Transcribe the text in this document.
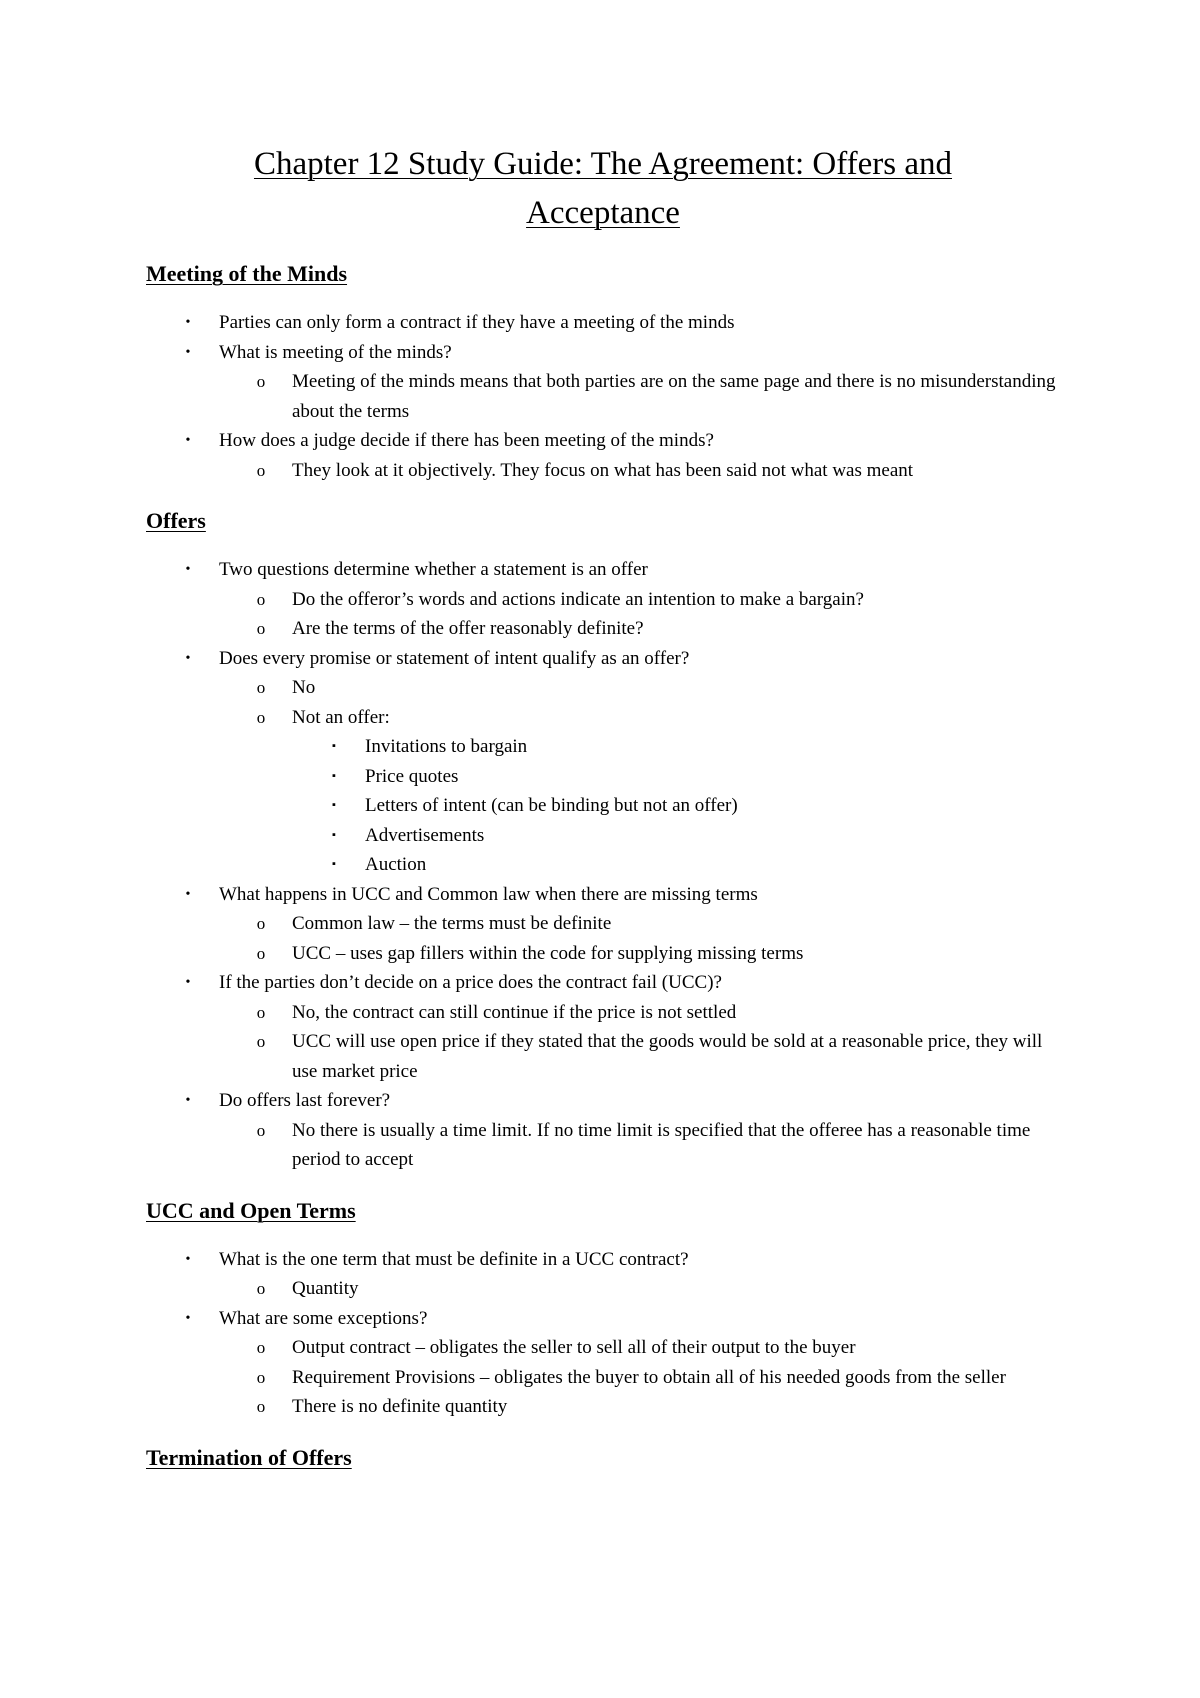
Chapter 12 Study Guide: The Agreement: Offers and Acceptance
Meeting of the Minds
•	Parties can only form a contract if they have a meeting of the minds
•	What is meeting of the minds?
o	Meeting of the minds means that both parties are on the same page and there is no misunderstanding about the terms
•	How does a judge decide if there has been meeting of the minds?
o	They look at it objectively. They focus on what has been said not what was meant
Offers
•	Two questions determine whether a statement is an offer
o	Do the offeror’s words and actions indicate an intention to make a bargain?
o	Are the terms of the offer reasonably definite?
•	Does every promise or statement of intent qualify as an offer?
o	No
o	Not an offer:
▪	Invitations to bargain
▪	Price quotes
▪	Letters of intent (can be binding but not an offer)
▪	Advertisements
▪	Auction
•	What happens in UCC and Common law when there are missing terms
o	Common law – the terms must be definite
o	UCC – uses gap fillers within the code for supplying missing terms
•	If the parties don’t decide on a price does the contract fail (UCC)?
o	No, the contract can still continue if the price is not settled
o	UCC will use open price if they stated that the goods would be sold at a reasonable price, they will use market price
•	Do offers last forever?
o	No there is usually a time limit. If no time limit is specified that the offeree has a reasonable time period to accept
UCC and Open Terms
•	What is the one term that must be definite in a UCC contract?
o	Quantity
•	What are some exceptions?
o	Output contract – obligates the seller to sell all of their output to the buyer
o	Requirement Provisions – obligates the buyer to obtain all of his needed goods from the seller
o	There is no definite quantity
Termination of Offers
